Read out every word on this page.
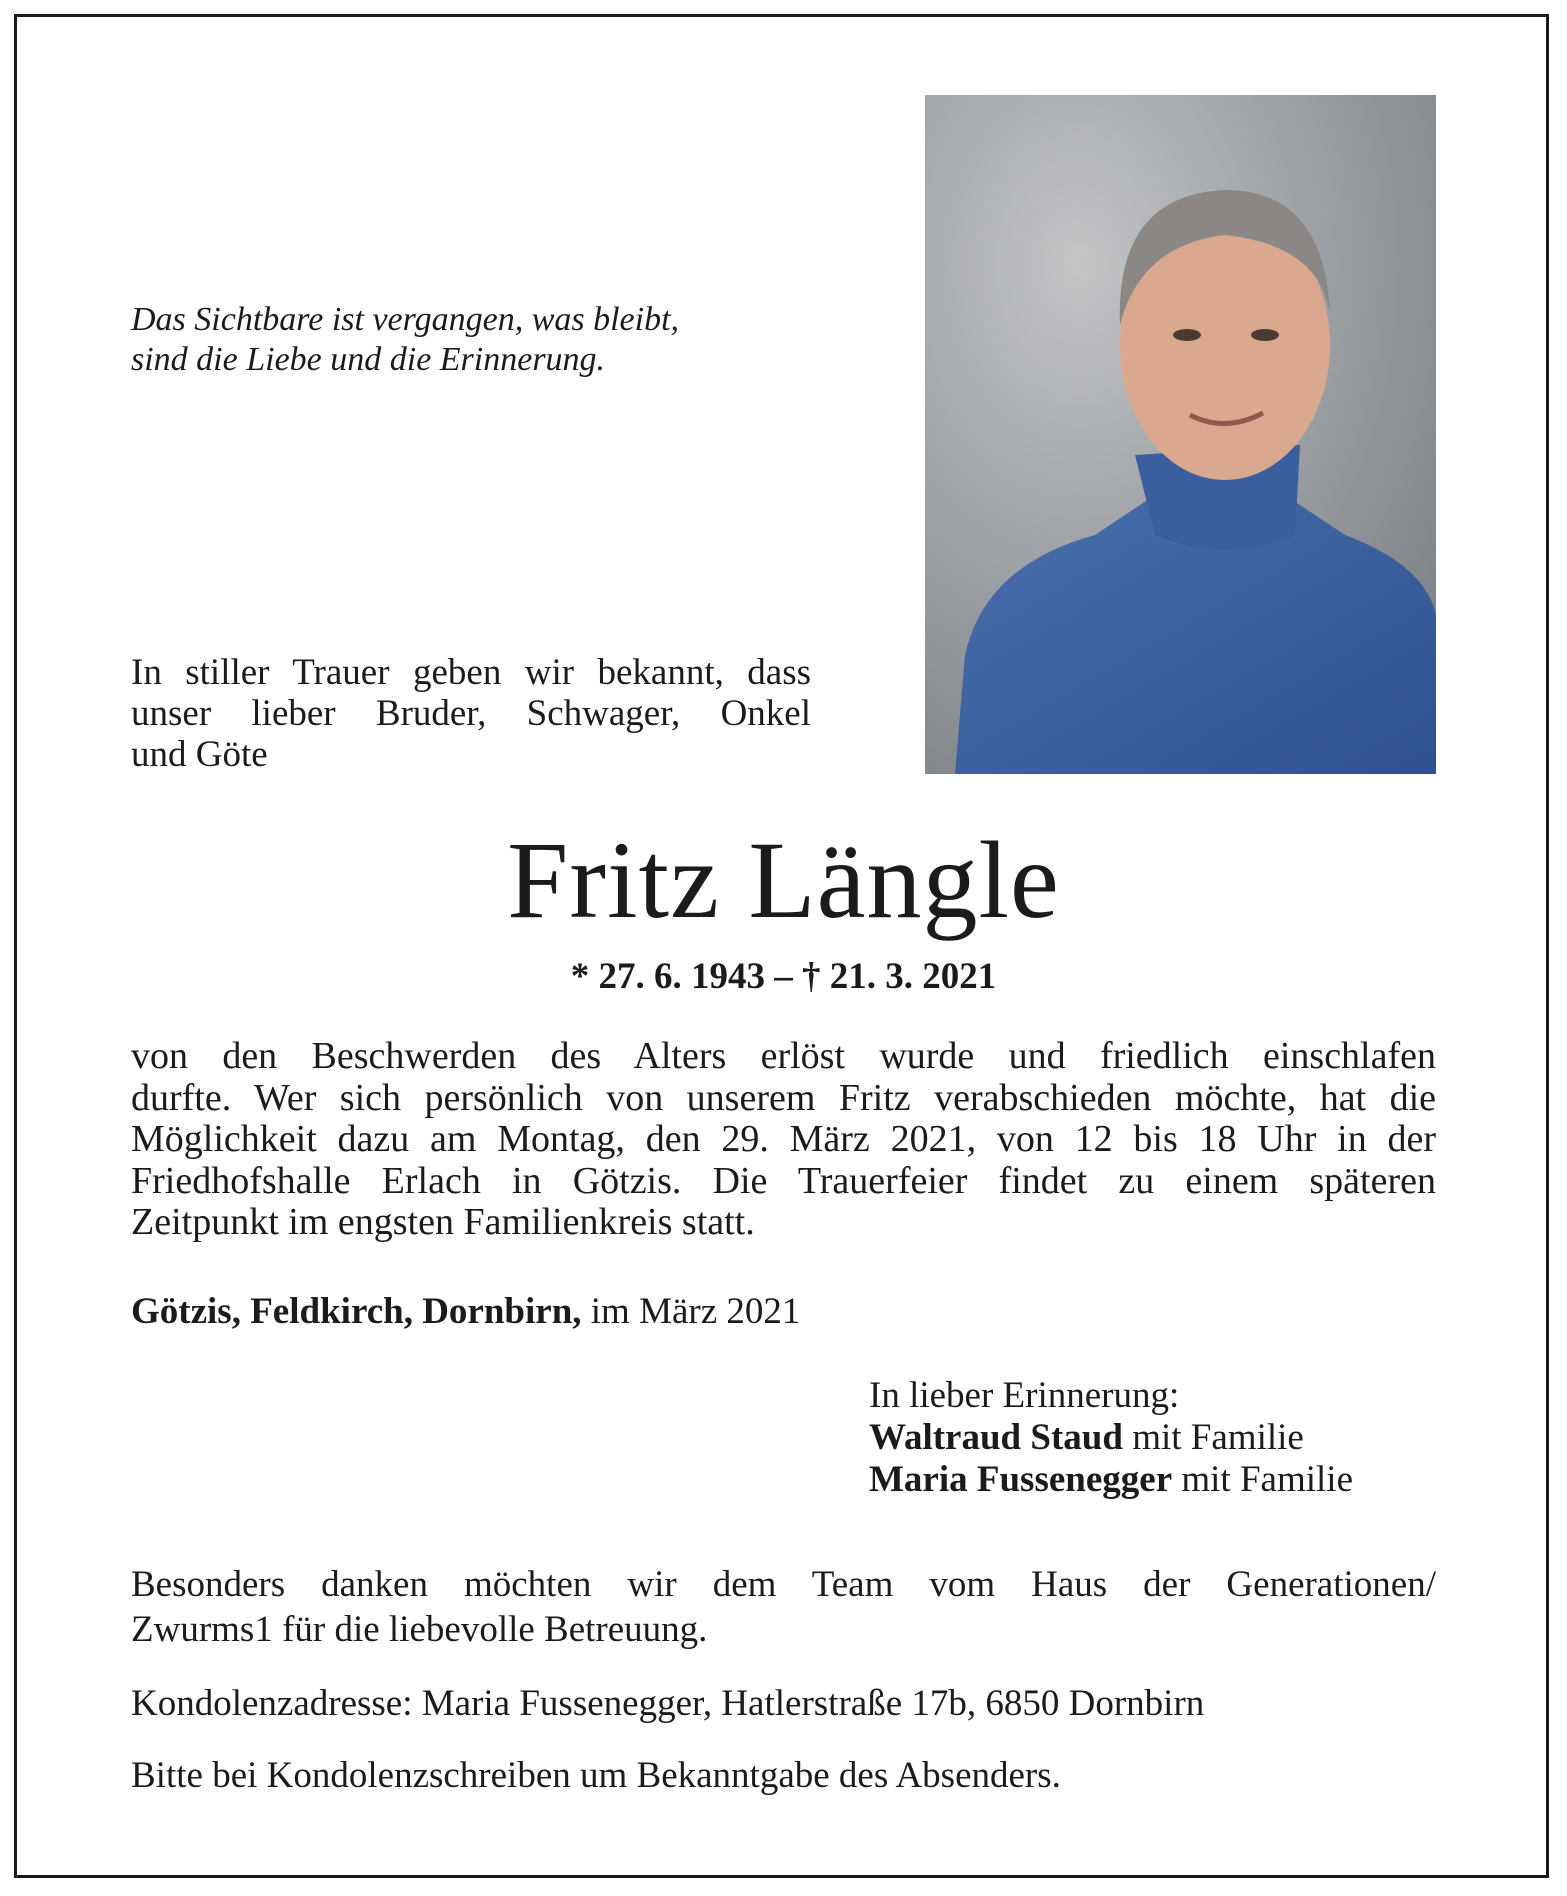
Das Sichtbare ist vergangen, was bleibt,
sind die Liebe und die Erinnerung.
In stiller Trauer geben wir bekannt, dass
unser lieber Bruder, Schwager, Onkel
und Göte
Fritz Längle
* 27. 6. 1943 – † 21. 3. 2021
von den Beschwerden des Alters erlöst wurde und friedlich einschlafen
durfte. Wer sich persönlich von unserem Fritz verabschieden möchte, hat die
Möglichkeit dazu am Montag, den 29. März 2021, von 12 bis 18 Uhr in der
Friedhofshalle Erlach in Götzis. Die Trauerfeier findet zu einem späteren
Zeitpunkt im engsten Familienkreis statt.
Götzis, Feldkirch, Dornbirn, im März 2021
In lieber Erinnerung:
Waltraud Staud mit Familie
Maria Fussenegger mit Familie
Besonders danken möchten wir dem Team vom Haus der Generationen/
Zwurms1 für die liebevolle Betreuung.
Kondolenzadresse: Maria Fussenegger, Hatlerstraße 17b, 6850 Dornbirn
Bitte bei Kondolenzschreiben um Bekanntgabe des Absenders.
